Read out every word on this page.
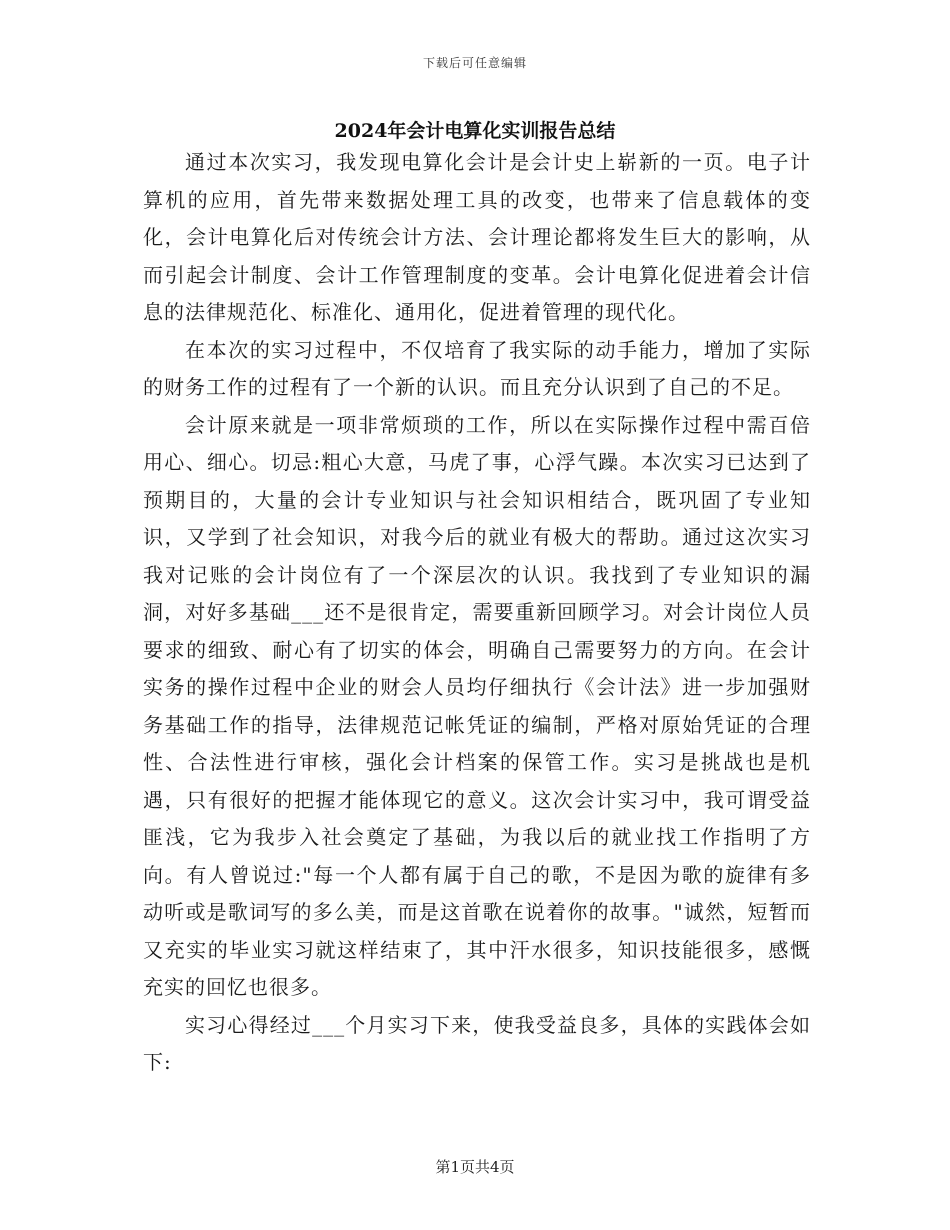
下载后可任意编辑
2024年会计电算化实训报告总结

通过本次实习，我发现电算化会计是会计史上崭新的一页。电子计算机的应用，首先带来数据处理工具的改变，也带来了信息载体的变化，会计电算化后对传统会计方法、会计理论都将发生巨大的影响，从而引起会计制度、会计工作管理制度的变革。会计电算化促进着会计信息的法律规范化、标准化、通用化，促进着管理的现代化。

在本次的实习过程中，不仅培育了我实际的动手能力，增加了实际的财务工作的过程有了一个新的认识。而且充分认识到了自己的不足。

会计原来就是一项非常烦琐的工作，所以在实际操作过程中需百倍用心、细心。切忌:粗心大意，马虎了事，心浮气躁。本次实习已达到了预期目的，大量的会计专业知识与社会知识相结合，既巩固了专业知识，又学到了社会知识，对我今后的就业有极大的帮助。通过这次实习我对记账的会计岗位有了一个深层次的认识。我找到了专业知识的漏洞，对好多基础___还不是很肯定，需要重新回顾学习。对会计岗位人员要求的细致、耐心有了切实的体会，明确自己需要努力的方向。在会计实务的操作过程中企业的财会人员均仔细执行《会计法》进一步加强财务基础工作的指导，法律规范记帐凭证的编制，严格对原始凭证的合理性、合法性进行审核，强化会计档案的保管工作。实习是挑战也是机遇，只有很好的把握才能体现它的意义。这次会计实习中，我可谓受益匪浅，它为我步入社会奠定了基础，为我以后的就业找工作指明了方向。有人曾说过:"每一个人都有属于自己的歌，不是因为歌的旋律有多动听或是歌词写的多么美，而是这首歌在说着你的故事。"诚然，短暂而又充实的毕业实习就这样结束了，其中汗水很多，知识技能很多，感慨充实的回忆也很多。

实习心得经过___个月实习下来，使我受益良多，具体的实践体会如下:

第1页共4页
